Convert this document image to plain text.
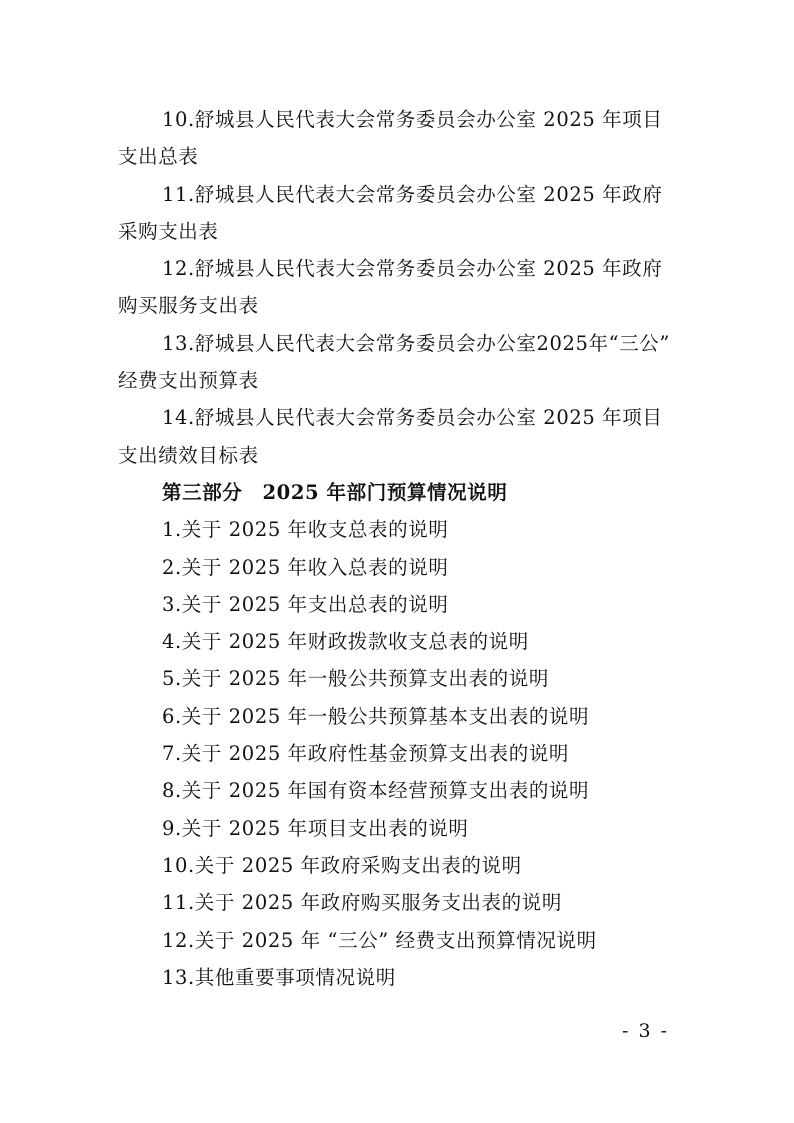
10.舒城县人民代表大会常务委员会办公室 2025 年项目
支出总表
11.舒城县人民代表大会常务委员会办公室 2025 年政府
采购支出表
12.舒城县人民代表大会常务委员会办公室 2025 年政府
购买服务支出表
13.舒城县人民代表大会常务委员会办公室2025年“三公”
经费支出预算表
14.舒城县人民代表大会常务委员会办公室 2025 年项目
支出绩效目标表
第三部分　2025 年部门预算情况说明
1.关于 2025 年收支总表的说明
2.关于 2025 年收入总表的说明
3.关于 2025 年支出总表的说明
4.关于 2025 年财政拨款收支总表的说明
5.关于 2025 年一般公共预算支出表的说明
6.关于 2025 年一般公共预算基本支出表的说明
7.关于 2025 年政府性基金预算支出表的说明
8.关于 2025 年国有资本经营预算支出表的说明
9.关于 2025 年项目支出表的说明
10.关于 2025 年政府采购支出表的说明
11.关于 2025 年政府购买服务支出表的说明
12.关于 2025 年 “三公” 经费支出预算情况说明
13.其他重要事项情况说明
- 3 -
